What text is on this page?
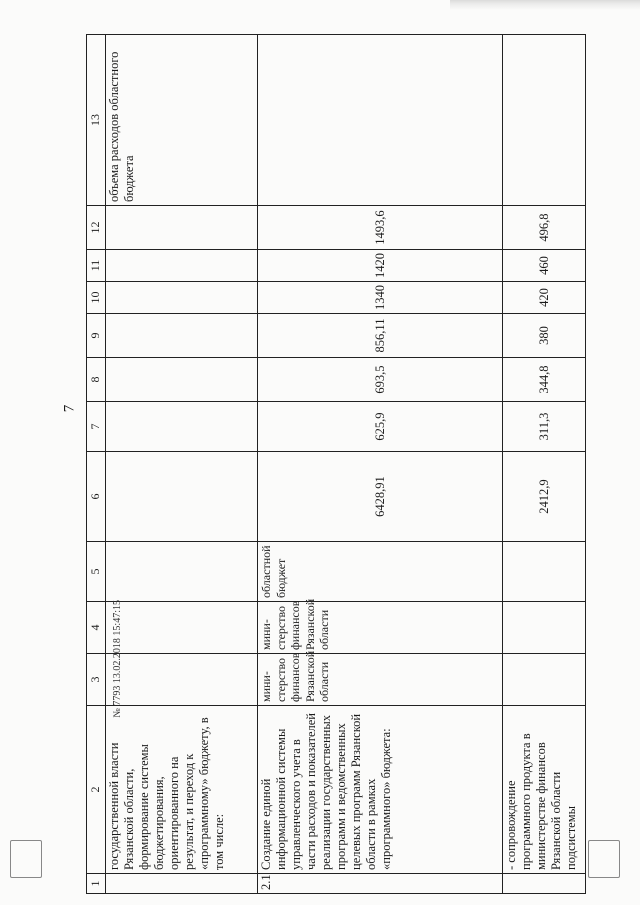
7
1	2	3	4	5	6	7	8	9	10	11	12	13
	государственной власти Рязанской области, формирование системы бюджетирования, ориентированного на результат, и переход к «программному» бюджету, в том числе:											объема расходов областного бюджета
2.1	Создание единой информационной системы управленческого учета в части расходов и показателей реализации государственных программ и ведомственных целевых программ Рязанской области в рамках «программного» бюджета:	мини-стерство финансов Рязанской области	мини-стерство финансов Рязанской области	областной бюджет	6428,91	625,9	693,5	856,11	1340	1420	1493,6	
	- сопровождение программного продукта в министерстве финансов Рязанской области подсистемы				2412,9	311,3	344,8	380	420	460	496,8	
№ 7793 13.02.2018 15:47:15
